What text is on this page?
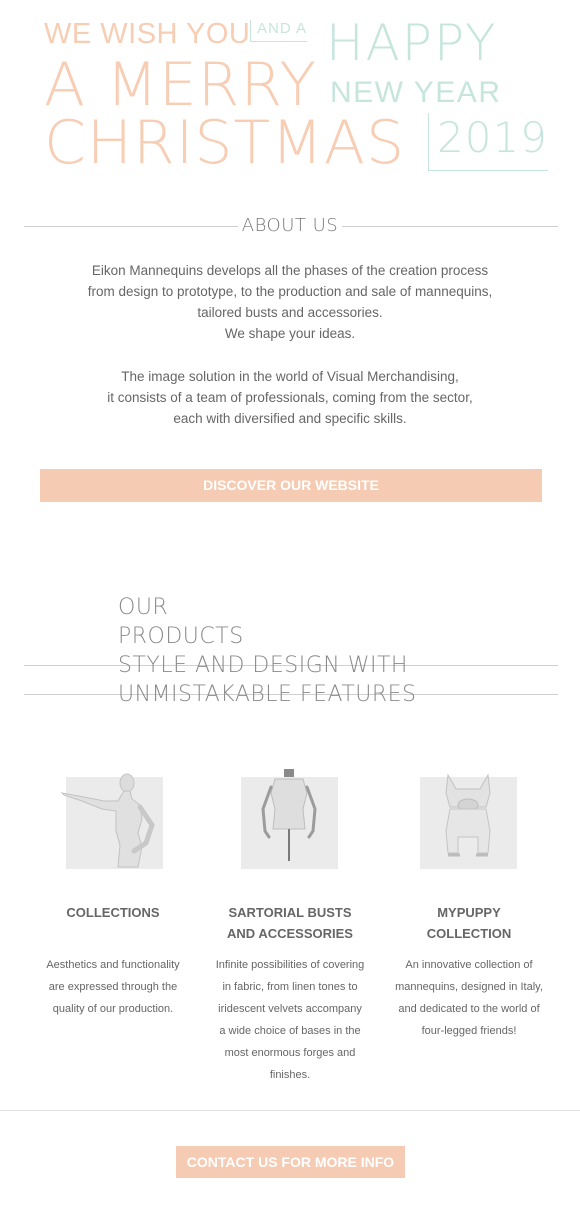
WE WISH YOU AND A HAPPY
A MERRY NEW YEAR
CHRISTMAS 2019
ABOUT US
Eikon Mannequins develops all the phases of the creation process
from design to prototype, to the production and sale of mannequins,
tailored busts and accessories.
We shape your ideas.
The image solution in the world of Visual Merchandising,
it consists of a team of professionals, coming from the sector,
each with diversified and specific skills.
DISCOVER OUR WEBSITE
OUR
PRODUCTS
STYLE AND DESIGN WITH
UNMISTAKABLE FEATURES
COLLECTIONS
Aesthetics and functionality
are expressed through the
quality of our production.
SARTORIAL BUSTS
AND ACCESSORIES
Infinite possibilities of covering
in fabric, from linen tones to
iridescent velvets accompany
a wide choice of bases in the
most enormous forges and
finishes.
MYPUPPY
COLLECTION
An innovative collection of
mannequins, designed in Italy,
and dedicated to the world of
four-legged friends!
CONTACT US FOR MORE INFO
